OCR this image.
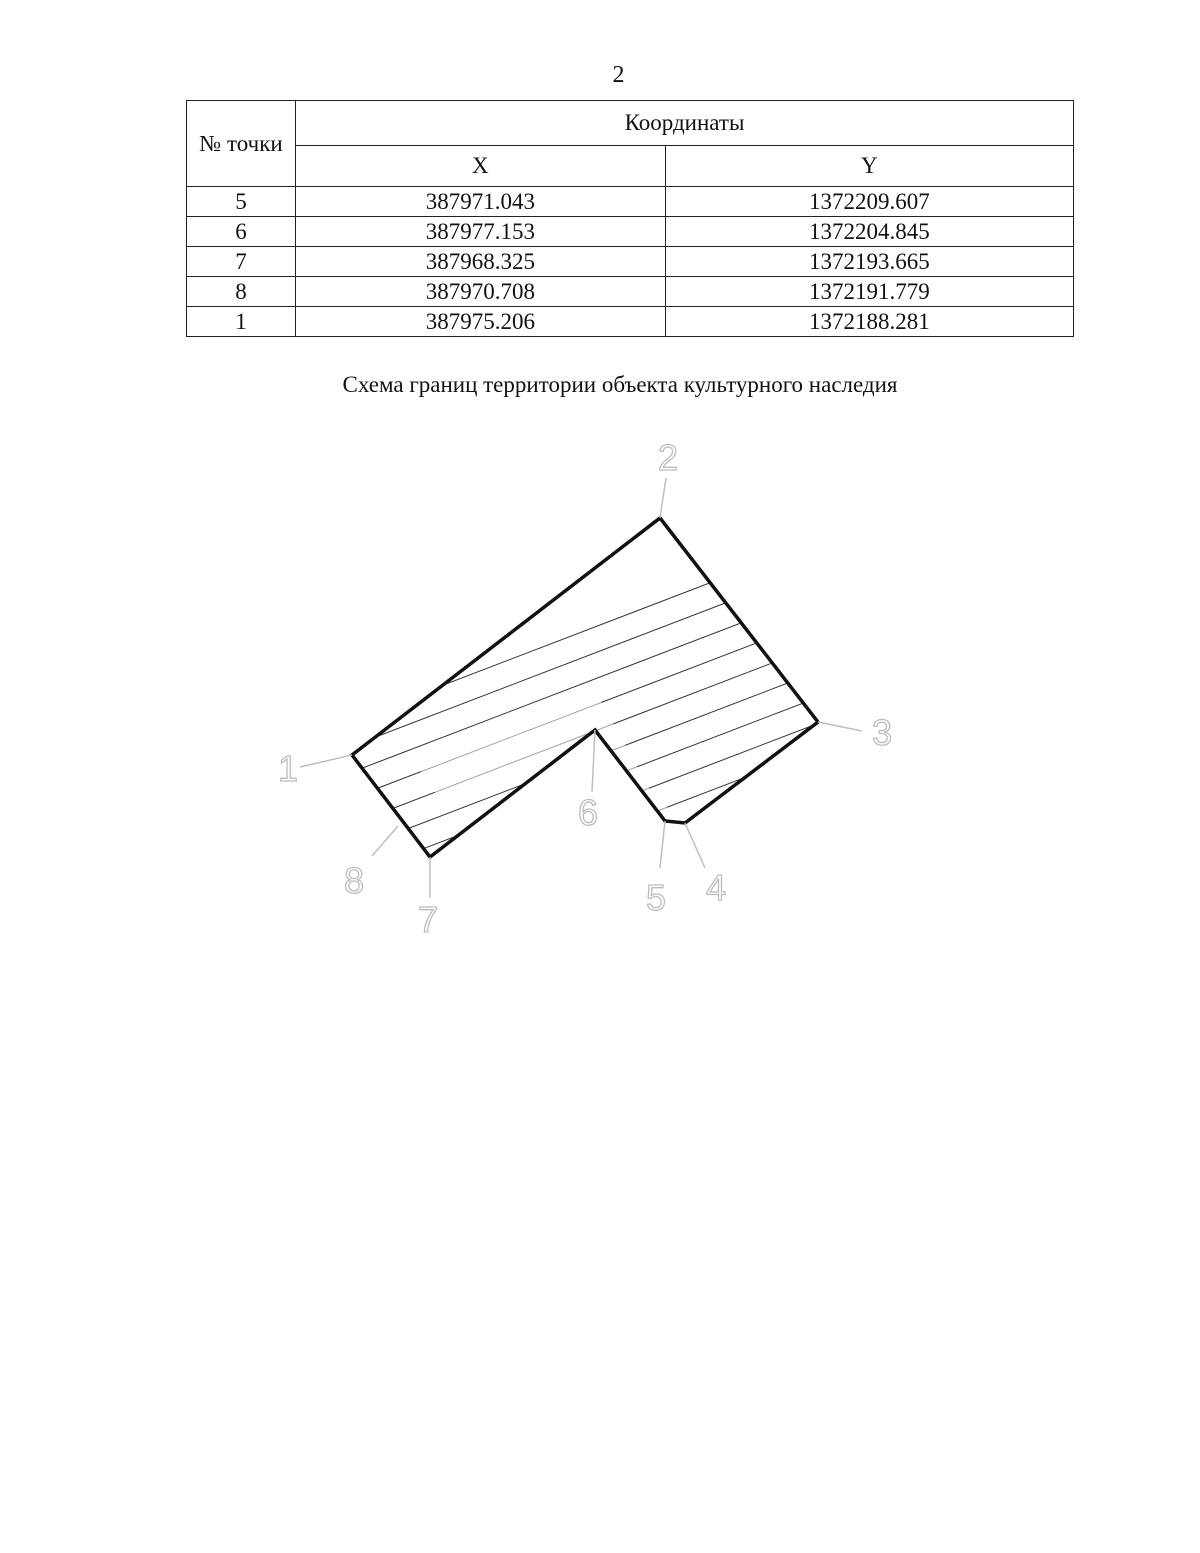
2
№ точки	Координаты	
	X	Y
5	387971.043	1372209.607
6	387977.153	1372204.845
7	387968.325	1372193.665
8	387970.708	1372191.779
1	387975.206	1372188.281
Схема границ территории объекта культурного наследия
1
2
3
4
5
6
7
8
